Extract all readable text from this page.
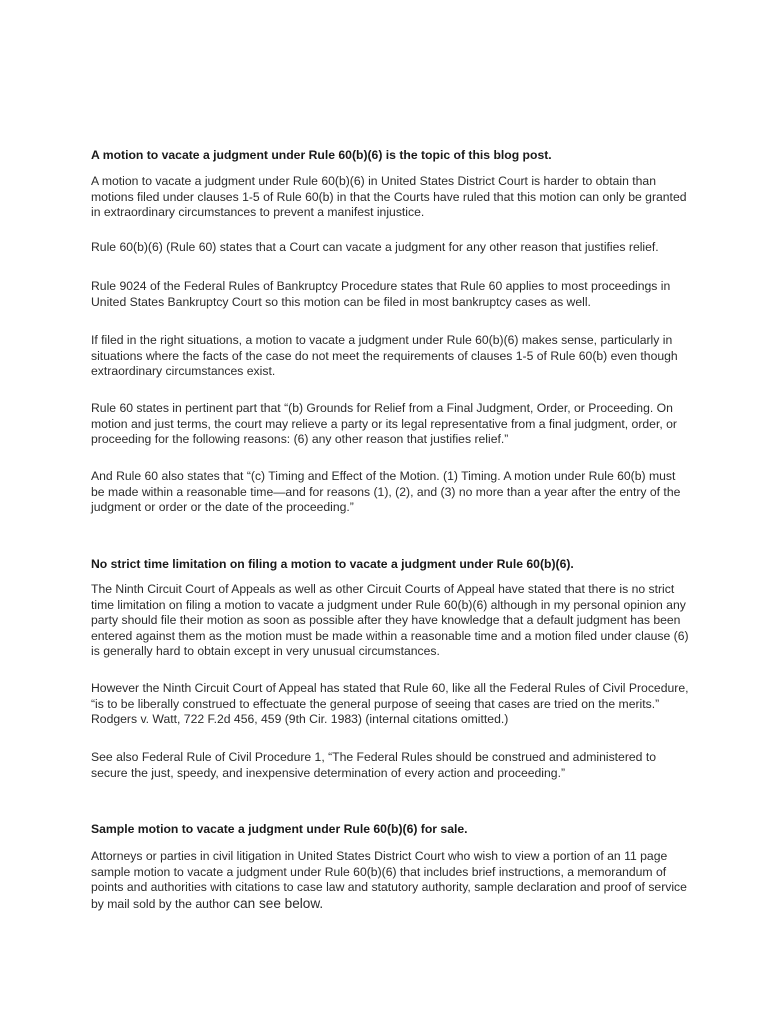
A motion to vacate a judgment under Rule 60(b)(6) is the topic of this blog post.

A motion to vacate a judgment under Rule 60(b)(6) in United States District Court is harder to obtain than motions filed under clauses 1-5 of Rule 60(b) in that the Courts have ruled that this motion can only be granted in extraordinary circumstances to prevent a manifest injustice.

Rule 60(b)(6) (Rule 60) states that a Court can vacate a judgment for any other reason that justifies relief.

Rule 9024 of the Federal Rules of Bankruptcy Procedure states that Rule 60 applies to most proceedings in United States Bankruptcy Court so this motion can be filed in most bankruptcy cases as well.

If filed in the right situations, a motion to vacate a judgment under Rule 60(b)(6) makes sense, particularly in situations where the facts of the case do not meet the requirements of clauses 1-5 of Rule 60(b) even though extraordinary circumstances exist.

Rule 60 states in pertinent part that “(b) Grounds for Relief from a Final Judgment, Order, or Proceeding. On motion and just terms, the court may relieve a party or its legal representative from a final judgment, order, or proceeding for the following reasons: (6) any other reason that justifies relief.”

And Rule 60 also states that “(c) Timing and Effect of the Motion. (1) Timing. A motion under Rule 60(b) must be made within a reasonable time—and for reasons (1), (2), and (3) no more than a year after the entry of the judgment or order or the date of the proceeding.”

No strict time limitation on filing a motion to vacate a judgment under Rule 60(b)(6).

The Ninth Circuit Court of Appeals as well as other Circuit Courts of Appeal have stated that there is no strict time limitation on filing a motion to vacate a judgment under Rule 60(b)(6) although in my personal opinion any party should file their motion as soon as possible after they have knowledge that a default judgment has been entered against them as the motion must be made within a reasonable time and a motion filed under clause (6) is generally hard to obtain except in very unusual circumstances.

However the Ninth Circuit Court of Appeal has stated that Rule 60, like all the Federal Rules of Civil Procedure, “is to be liberally construed to effectuate the general purpose of seeing that cases are tried on the merits.” Rodgers v. Watt, 722 F.2d 456, 459 (9th Cir. 1983) (internal citations omitted.)

See also Federal Rule of Civil Procedure 1, “The Federal Rules should be construed and administered to secure the just, speedy, and inexpensive determination of every action and proceeding.”

Sample motion to vacate a judgment under Rule 60(b)(6) for sale.

Attorneys or parties in civil litigation in United States District Court who wish to view a portion of an 11 page sample motion to vacate a judgment under Rule 60(b)(6) that includes brief instructions, a memorandum of points and authorities with citations to case law and statutory authority, sample declaration and proof of service by mail sold by the author can see below.
